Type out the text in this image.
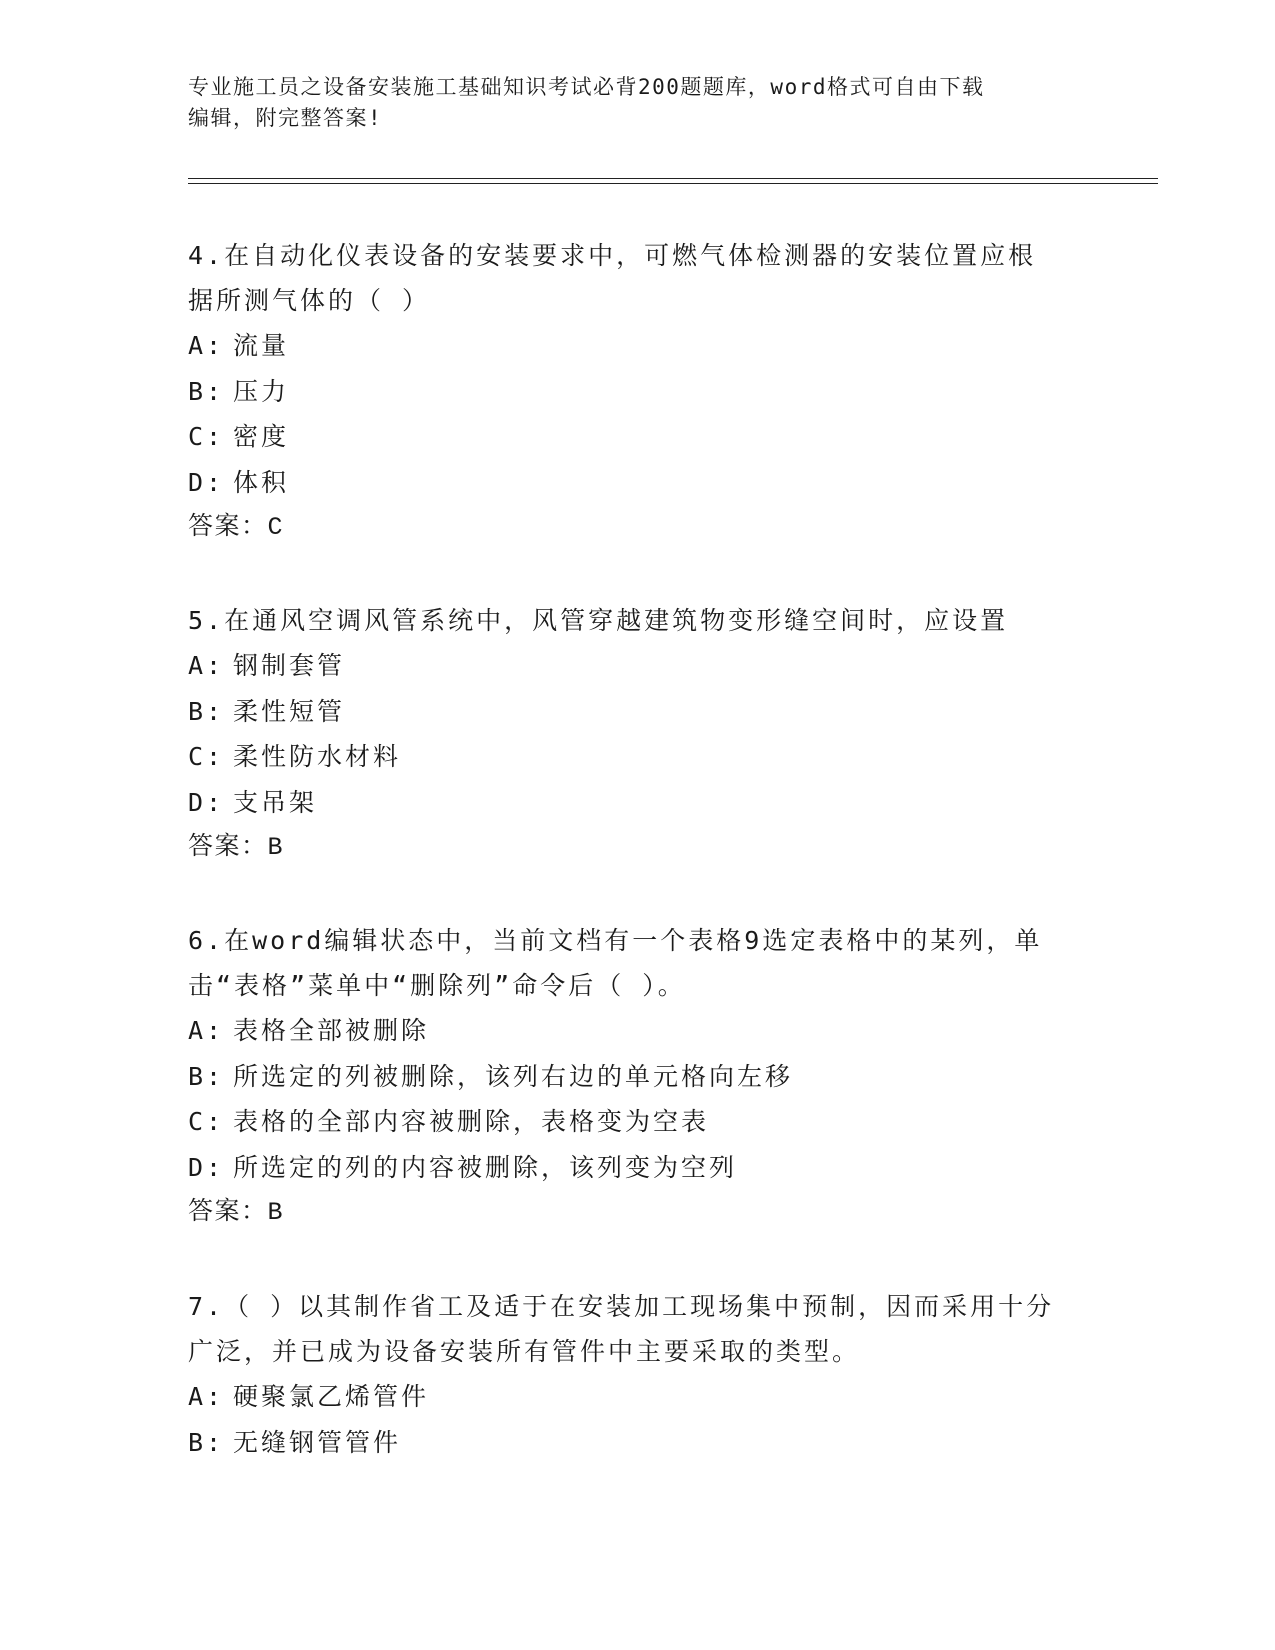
专业施工员之设备安装施工基础知识考试必背200题题库，word格式可自由下载
编辑，附完整答案!

4.在自动化仪表设备的安装要求中，可燃气体检测器的安装位置应根

据所测气体的（ ）

A: 流量

B: 压力

C: 密度

D: 体积

答案：C

5.在通风空调风管系统中，风管穿越建筑物变形缝空间时，应设置

A: 钢制套管

B: 柔性短管

C: 柔性防水材料

D: 支吊架

答案：B

6.在word编辑状态中，当前文档有一个表格9选定表格中的某列，单

击“表格”菜单中“删除列”命令后（ ）。

A: 表格全部被删除

B: 所选定的列被删除，该列右边的单元格向左移

C: 表格的全部内容被删除，表格变为空表

D: 所选定的列的内容被删除，该列变为空列

答案：B

7.（ ）以其制作省工及适于在安装加工现场集中预制，因而采用十分

广泛，并已成为设备安装所有管件中主要采取的类型。

A: 硬聚氯乙烯管件

B: 无缝钢管管件
